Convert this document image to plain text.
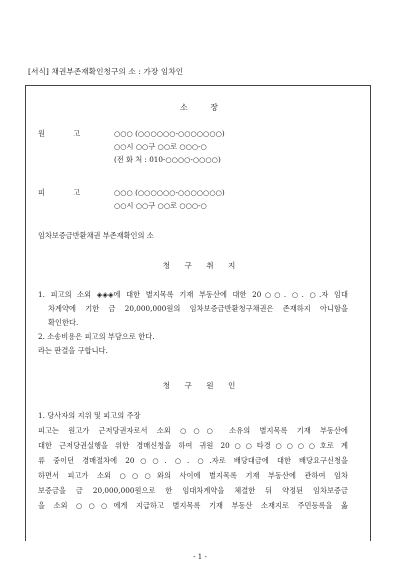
[서식] 채권부존재확인청구의 소 : 가장 임차인
소 장
원 고	○○○ (○○○○○○-○○○○○○○)
○○시 ○○구 ○○로 ○○○-○
(전 화 처 : 010-○○○○-○○○○)
피 고	○○○ (○○○○○○-○○○○○○○)
○○시 ○○구 ○○로 ○○○-○
임차보증금반환채권 부존재확인의 소
청 구 취 지
1. 피고의 소외 ◈◈◈에 대한 별지목록 기재 부동산에 대한 20○○. ○. ○.자 임대
차계약에 기한 금 20,000,000원의 임차보증금반환청구채권은 존재하지 아니함을
확인한다.
2. 소송비용은 피고의 부담으로 한다.
라는 판결을 구합니다.
청 구 원 인
1. 당사자의 지위 및 피고의 주장
피고는 원고가 근저당권자로서 소외 ○○○ 소유의 별지목록 기재 부동산에
대한 근저당권실행을 위한 경매신청을 하여 귀원 20○○타경○○○○호로 계
류 중이던 경매절차에 20○○. ○. ○.자로 배당대금에 대한 배당요구신청을
하면서 피고가 소외 ○○○와의 사이에 별지목록 기재 부동산에 관하여 임차
보증금을 금 20,000,000원으로 한 임대차계약을 체결한 뒤 약정된 임차보증금
을 소외 ○○○에게 지급하고 별지목록 기재 부동산 소재지로 주민등록을 옮
- 1 -
